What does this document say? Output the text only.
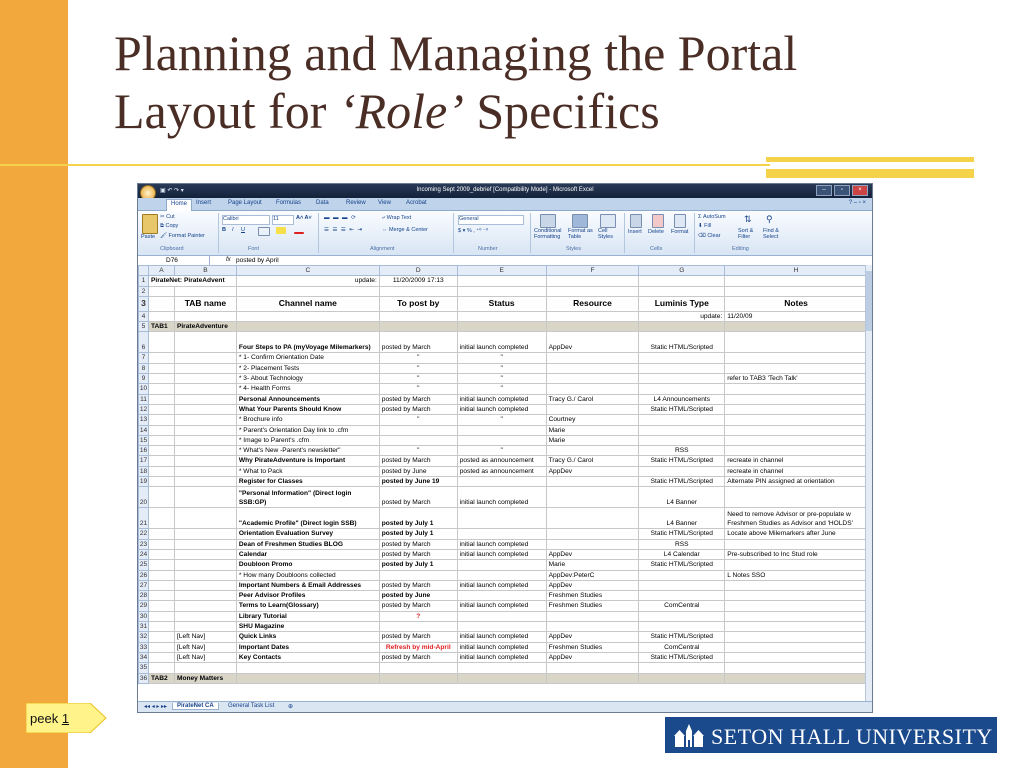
Planning and Managing the Portal
Layout for ‘Role’ Specifics
▣ ↶ ↷ ▾	Incoming Sept 2009_debrief [Compatibility Mode] - Microsoft Excel	–	▫	×
? – ▫ ×
Home	Insert	Page Layout Formulas Data	Review View	Acrobat
Paste
✂ Cut
⧉ Copy
🖌 Format Painter
Clipboard
Calibri	11	A˄ A˅
B I U
Font
▬ ▬ ▬ ⟳
☰ ☰ ☰ ⇤ ⇥
⤶ Wrap Text
⇔ Merge & Center
Alignment
General
$ ▾ % , ⁺⁰ ⁻⁰
Number
Conditional Formatting
Format as Table
Cell Styles
Styles
Insert Delete Format
Cells
Σ AutoSum
⬇ Fill
⌫ Clear
⇅ ⚲
Sort & Filter
Find & Select
Editing
D76	fx posted by April
	A	B	C	D	E	F	G	H
1	PirateNet: PirateAdvent		update:	11/20/2009 17:13				
2								
3		TAB name	Channel name	To post by	Status	Resource	Luminis Type	Notes
4							update:	11/20/09
5	TAB1	PirateAdventure						
6			Four Steps to PA (myVoyage Milemarkers)	posted by March	initial launch completed	AppDev	Static HTML/Scripted	
7			* 1- Confirm Orientation Date	"	"			
8			* 2- Placement Tests	"	"			
9			* 3- About Technology	"	"			refer to TAB3 'Tech Talk'
10			* 4- Health Forms	"	"			
11			Personal Announcements	posted by March	initial launch completed	Tracy G./ Carol	L4 Announcements	
12			What Your Parents Should Know	posted by March	initial launch completed		Static HTML/Scripted	
13			* Brochure info	"	"	Courtney		
14			* Parent's Orientation Day link to .cfm			Marie		
15			* Image to Parent's .cfm			Marie		
16			* What's New -Parent's newsletter"	"	"		RSS	
17			Why PirateAdventure is Important	posted by March	posted as announcement	Tracy G./ Carol	Static HTML/Scripted	recreate in channel
18			* What to Pack	posted by June	posted as announcement	AppDev		recreate in channel
19			Register for Classes	posted by June 19			Static HTML/Scripted	Alternate PIN assigned at orientation
20			"Personal Information" (Direct login SSB:GP)	posted by March	initial launch completed		L4 Banner	
21			"Academic Profile" (Direct login SSB)	posted by July 1			L4 Banner	Need to remove Advisor or pre-populate w Freshmen Studies as Advisor and 'HOLDS'
22			Orientation Evaluation Survey	posted by July 1			Static HTML/Scripted	Locate above Milemarkers after June
23			Dean of Freshmen Studies BLOG	posted by March	initial launch completed		RSS	
24			Calendar	posted by March	initial launch completed	AppDev	L4 Calendar	Pre-subscribed to Inc Stud role
25			Doubloon Promo	posted by July 1		Marie	Static HTML/Scripted	
26			* How many Doubloons collected			AppDev:PeterC		L Notes SSO
27			Important Numbers & Email Addresses	posted by March	initial launch completed	AppDev		
28			Peer Advisor Profiles	posted by June		Freshmen Studies		
29			Terms to Learn(Glossary)	posted by March	initial launch completed	Freshmen Studies	ComCentral	
30			Library Tutorial	?				
31			SHU Magazine					
32		[Left Nav]	Quick Links	posted by March	initial launch completed	AppDev	Static HTML/Scripted	
33		[Left Nav]	Important Dates	Refresh by mid-April	initial launch completed	Freshmen Studies	ComCentral	
34		[Left Nav]	Key Contacts	posted by March	initial launch completed	AppDev	Static HTML/Scripted	
35								
36	TAB2	Money Matters						
◂◂ ◂ ▸ ▸▸	PirateNet CA	General Task List	⊕
peek 1
SETON HALL UNIVERSITY
